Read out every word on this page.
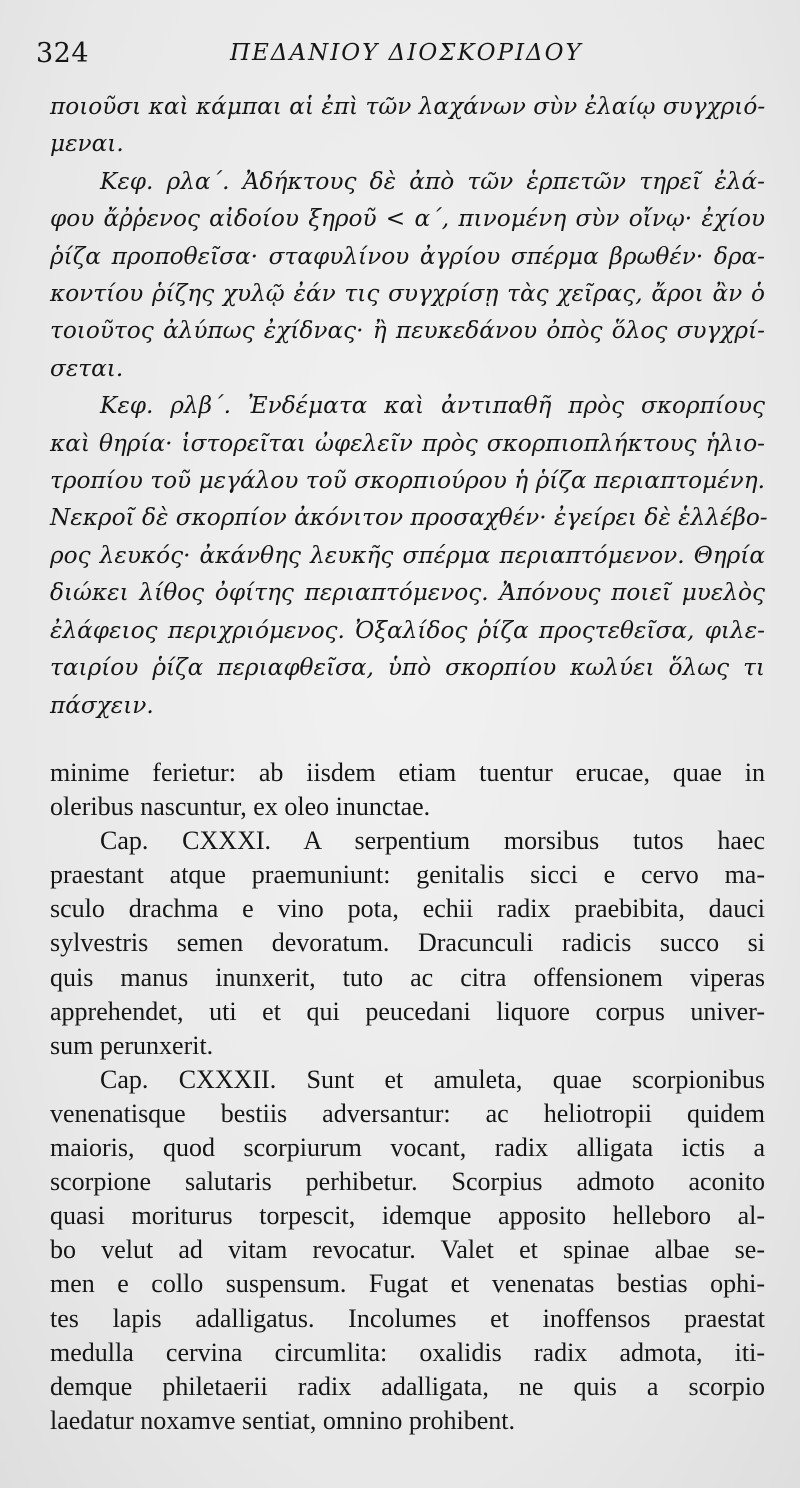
324	ΠΕΔΑΝΙΟΥ ΔΙΟΣΚΟΡΙΔΟΥ
ποιοῦσι καὶ κάμπαι αἱ ἐπὶ τῶν λαχάνων σὺν ἐλαίῳ συγχριό-
μεναι.
Κεφ. ρλα΄. Ἀδήκτους δὲ ἀπὸ τῶν ἑρπετῶν τηρεῖ ἐλά-
φου ἄῤῥενος αἰδοίου ξηροῦ < α΄, πινομένη σὺν οἴνῳ· ἐχίου
ῥίζα προποθεῖσα· σταφυλίνου ἀγρίου σπέρμα βρωθέν· δρα-
κοντίου ῥίζης χυλῷ ἐάν τις συγχρίσῃ τὰς χεῖρας, ἄροι ἂν ὁ
τοιοῦτος ἀλύπως ἐχίδνας· ἢ πευκεδάνου ὀπὸς ὅλος συγχρί-
σεται.
Κεφ. ρλβ΄. Ἐνδέματα καὶ ἀντιπαθῆ πρὸς σκορπίους
καὶ θηρία· ἱστορεῖται ὠφελεῖν πρὸς σκορπιοπλήκτους ἡλιο-
τροπίου τοῦ μεγάλου τοῦ σκορπιούρου ἡ ῥίζα περιαπτομένη.
Νεκροῖ δὲ σκορπίον ἀκόνιτον προσαχθέν· ἐγείρει δὲ ἑλλέβο-
ρος λευκός· ἀκάνθης λευκῆς σπέρμα περιαπτόμενον. Θηρία
διώκει λίθος ὀφίτης περιαπτόμενος. Ἀπόνους ποιεῖ μυελὸς
ἐλάφειος περιχριόμενος. Ὀξαλίδος ῥίζα προςτεθεῖσα, φιλε-
ταιρίου ῥίζα περιαφθεῖσα, ὑπὸ σκορπίου κωλύει ὅλως τι
πάσχειν.
minime ferietur: ab iisdem etiam tuentur erucae, quae in
oleribus nascuntur, ex oleo inunctae.
Cap. CXXXI. A serpentium morsibus tutos haec
praestant atque praemuniunt: genitalis sicci e cervo ma-
sculo drachma e vino pota, echii radix praebibita, dauci
sylvestris semen devoratum. Dracunculi radicis succo si
quis manus inunxerit, tuto ac citra offensionem viperas
apprehendet, uti et qui peucedani liquore corpus univer-
sum perunxerit.
Cap. CXXXII. Sunt et amuleta, quae scorpionibus
venenatisque bestiis adversantur: ac heliotropii quidem
maioris, quod scorpiurum vocant, radix alligata ictis a
scorpione salutaris perhibetur. Scorpius admoto aconito
quasi moriturus torpescit, idemque apposito helleboro al-
bo velut ad vitam revocatur. Valet et spinae albae se-
men e collo suspensum. Fugat et venenatas bestias ophi-
tes lapis adalligatus. Incolumes et inoffensos praestat
medulla cervina circumlita: oxalidis radix admota, iti-
demque philetaerii radix adalligata, ne quis a scorpio
laedatur noxamve sentiat, omnino prohibent.
